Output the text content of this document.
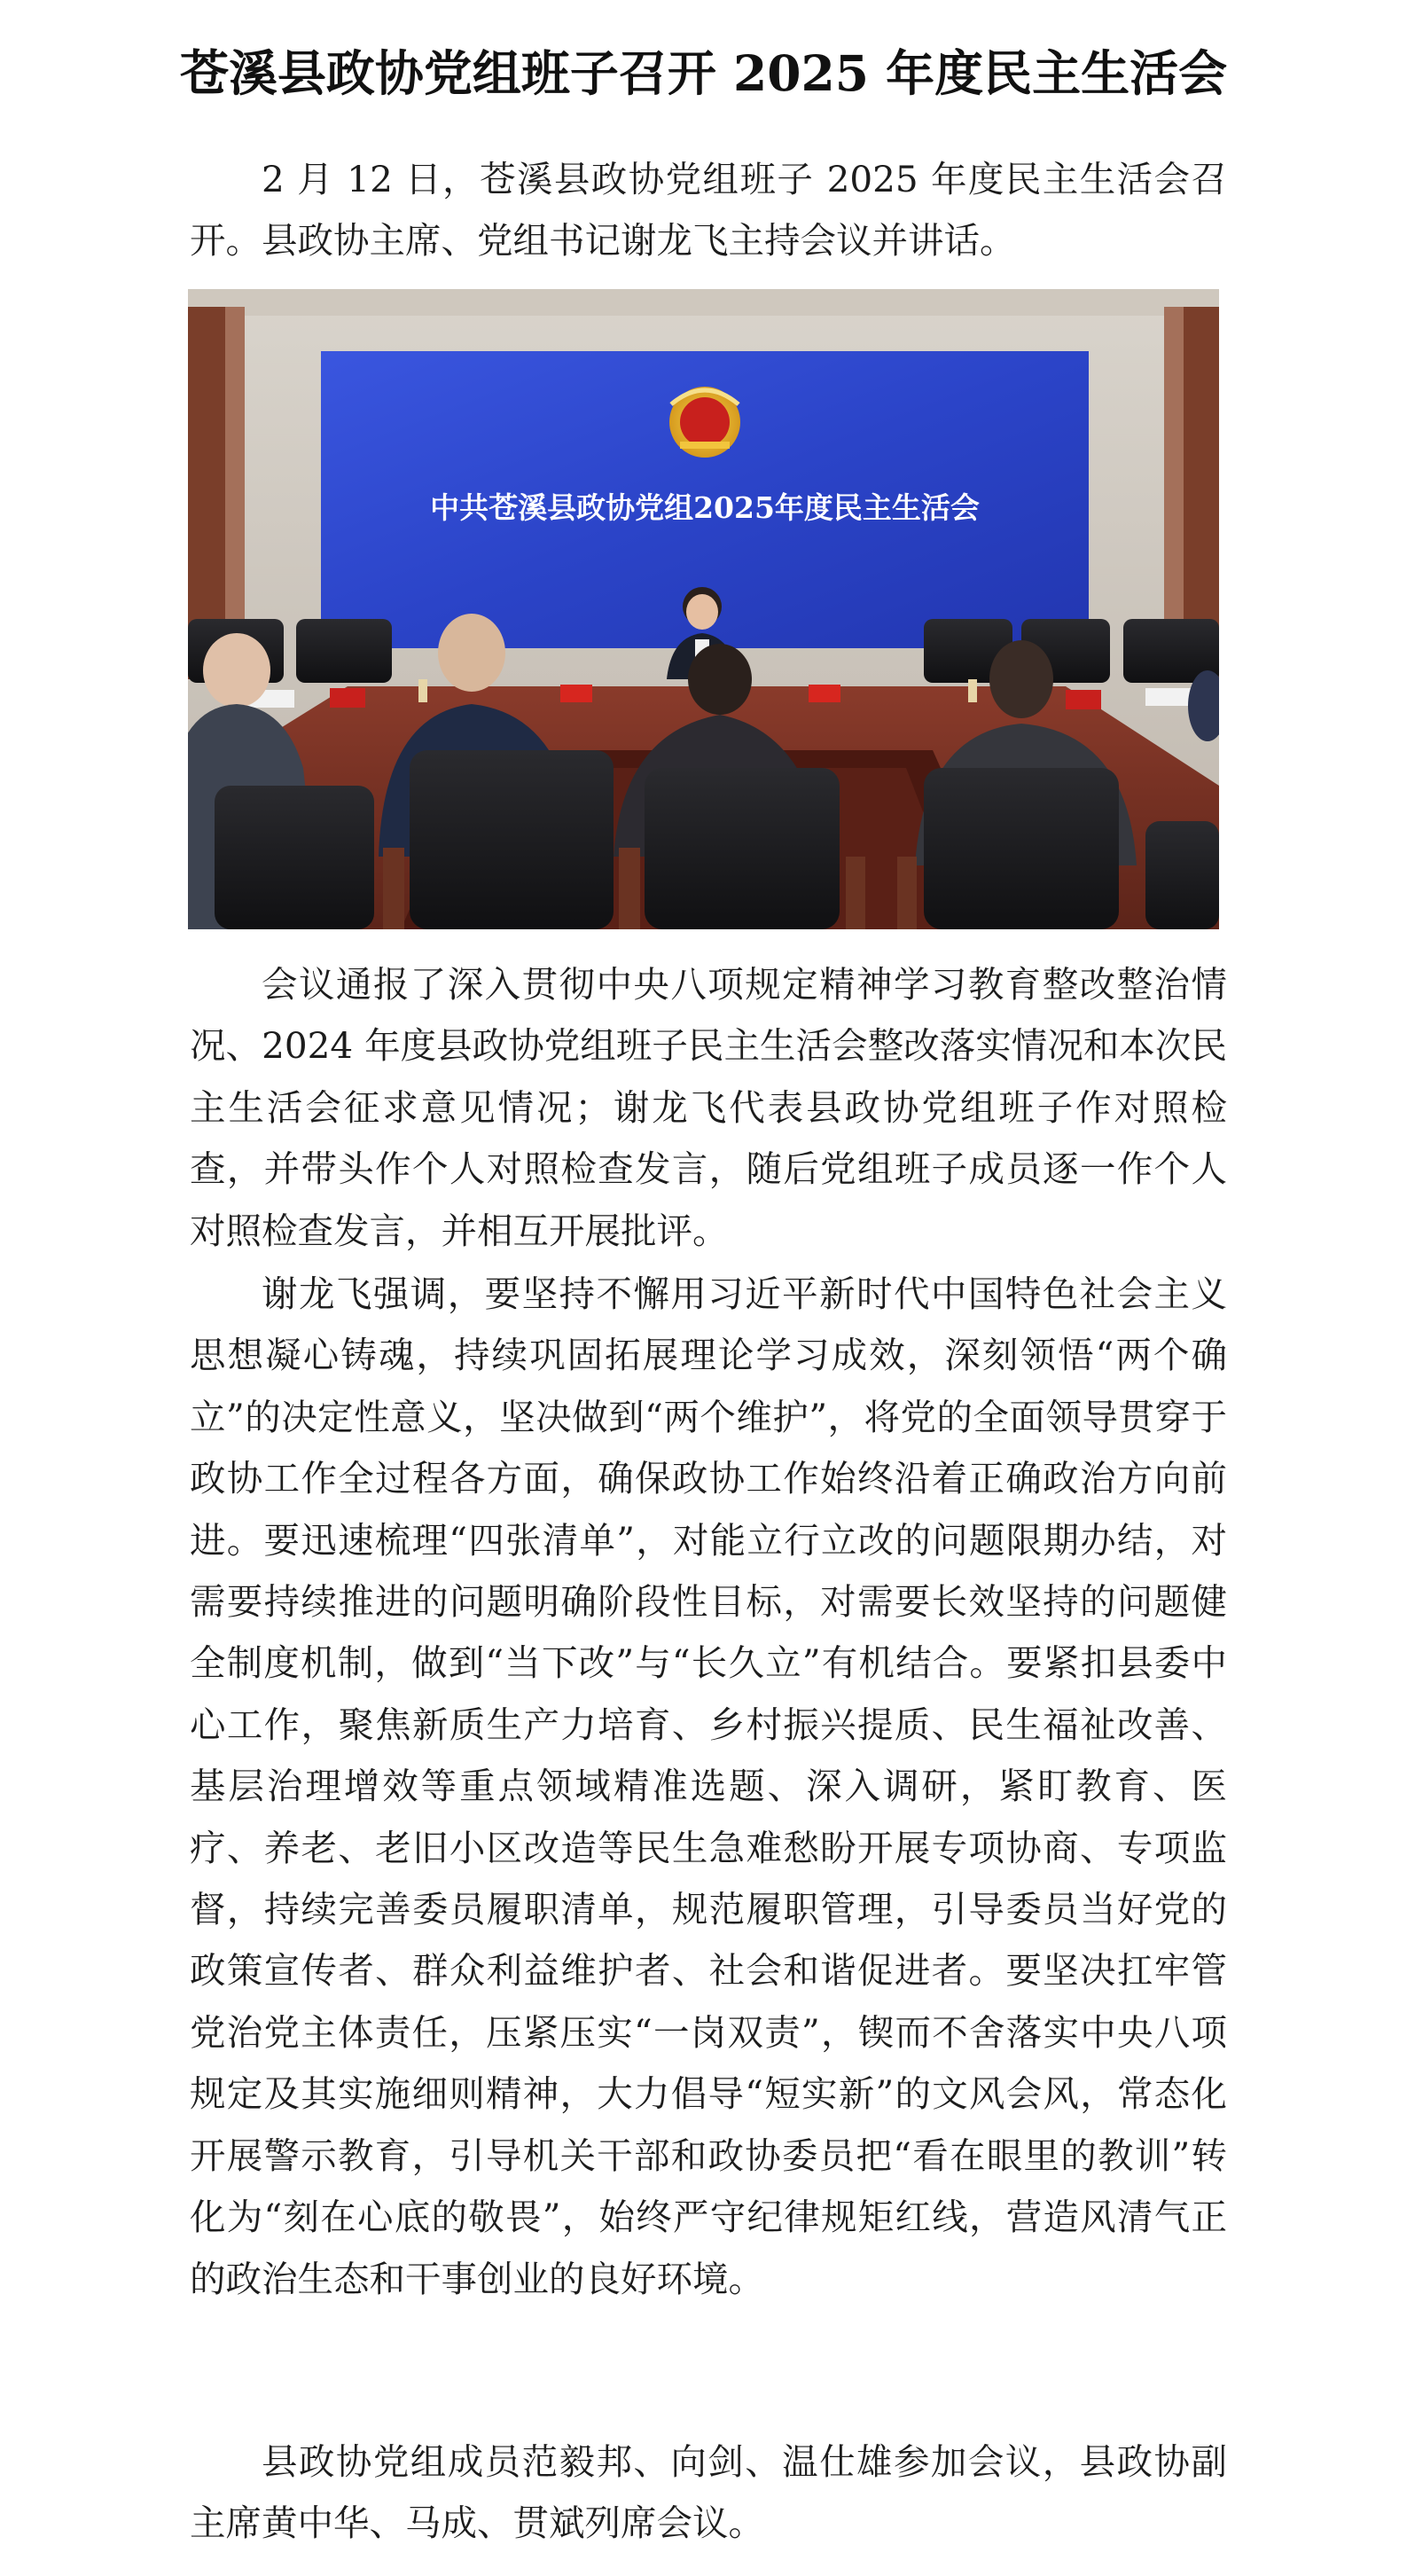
苍溪县政协党组班子召开 2025 年度民主生活会

2 月 12 日，苍溪县政协党组班子 2025 年度民主生活会召开。县政协主席、党组书记谢龙飞主持会议并讲话。

中共苍溪县政协党组2025年度民主生活会

会议通报了深入贯彻中央八项规定精神学习教育整改整治情况、2024 年度县政协党组班子民主生活会整改落实情况和本次民主生活会征求意见情况；谢龙飞代表县政协党组班子作对照检查，并带头作个人对照检查发言，随后党组班子成员逐一作个人对照检查发言，并相互开展批评。

谢龙飞强调，要坚持不懈用习近平新时代中国特色社会主义思想凝心铸魂，持续巩固拓展理论学习成效，深刻领悟“两个确立”的决定性意义，坚决做到“两个维护”，将党的全面领导贯穿于政协工作全过程各方面，确保政协工作始终沿着正确政治方向前进。要迅速梳理“四张清单”，对能立行立改的问题限期办结，对需要持续推进的问题明确阶段性目标，对需要长效坚持的问题健全制度机制，做到“当下改”与“长久立”有机结合。要紧扣县委中心工作，聚焦新质生产力培育、乡村振兴提质、民生福祉改善、基层治理增效等重点领域精准选题、深入调研，紧盯教育、医疗、养老、老旧小区改造等民生急难愁盼开展专项协商、专项监督，持续完善委员履职清单，规范履职管理，引导委员当好党的政策宣传者、群众利益维护者、社会和谐促进者。要坚决扛牢管党治党主体责任，压紧压实“一岗双责”，锲而不舍落实中央八项规定及其实施细则精神，大力倡导“短实新”的文风会风，常态化开展警示教育，引导机关干部和政协委员把“看在眼里的教训”转化为“刻在心底的敬畏”，始终严守纪律规矩红线，营造风清气正的政治生态和干事创业的良好环境。

县政协党组成员范毅邦、向剑、温仕雄参加会议，县政协副主席黄中华、马成、贯斌列席会议。
